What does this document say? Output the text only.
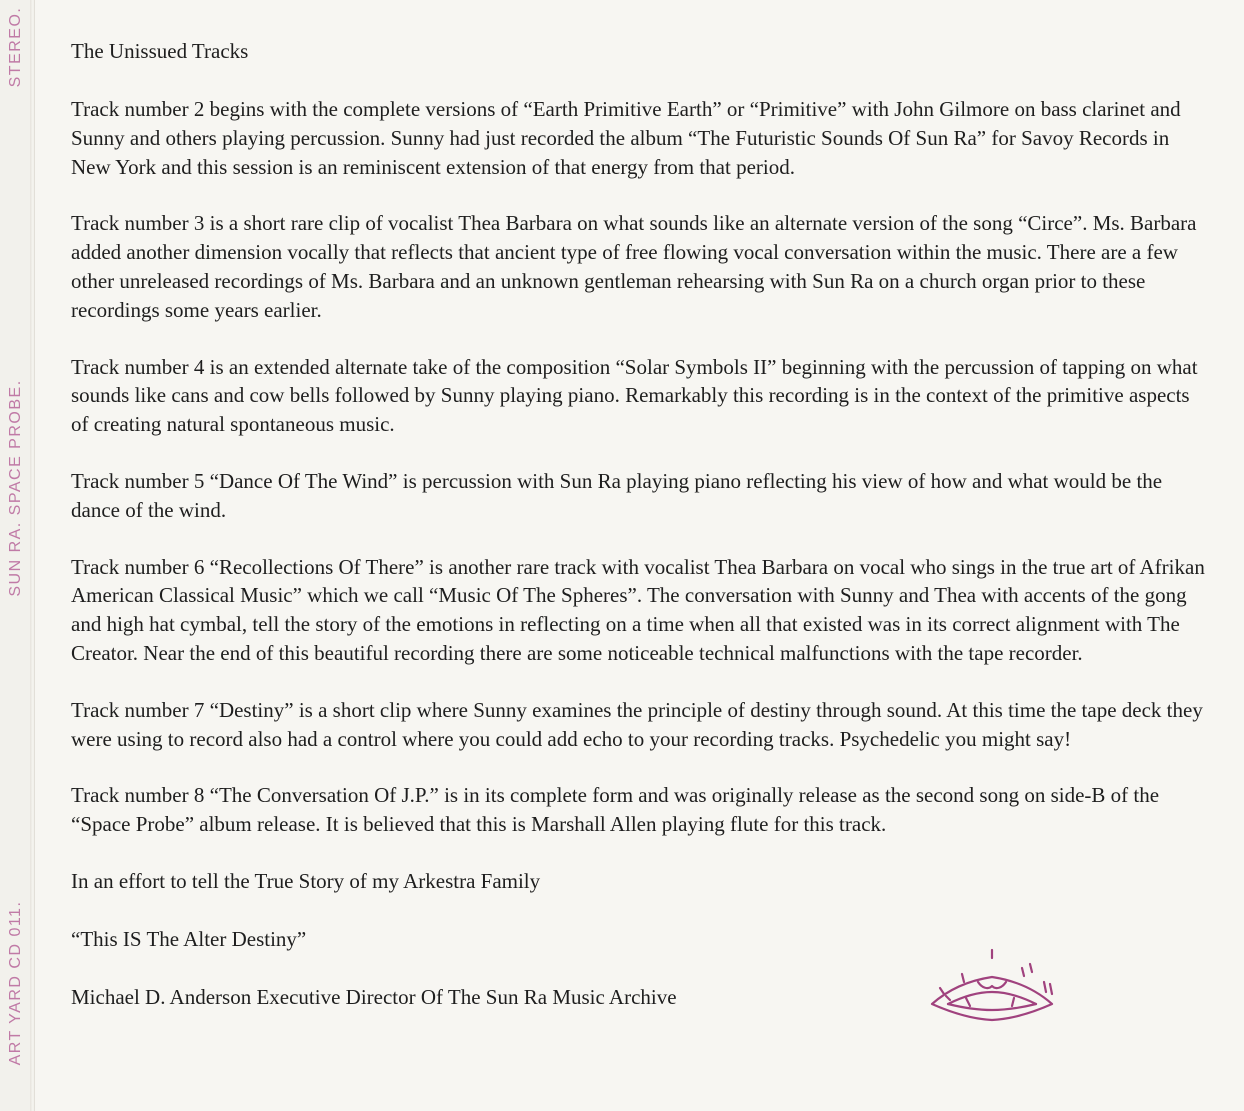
STEREO.
SUN RA. SPACE PROBE.
ART YARD CD 011.

The Unissued Tracks

Track number 2 begins with the complete versions of “Earth Primitive Earth” or “Primitive” with John Gilmore on bass clarinet and Sunny and others playing percussion. Sunny had just recorded the album “The Futuristic Sounds Of Sun Ra” for Savoy Records in New York and this session is an reminiscent extension of that energy from that period.

Track number 3 is a short rare clip of vocalist Thea Barbara on what sounds like an alternate version of the song “Circe”. Ms. Barbara added another dimension vocally that reflects that ancient type of free flowing vocal conversation within the music. There are a few other unreleased recordings of Ms. Barbara and an unknown gentleman rehearsing with Sun Ra on a church organ prior to these recordings some years earlier.

Track number 4 is an extended alternate take of the composition “Solar Symbols II” beginning with the percussion of tapping on what sounds like cans and cow bells followed by Sunny playing piano. Remarkably this recording is in the context of the primitive aspects of creating natural spontaneous music.

Track number 5 “Dance Of The Wind” is percussion with Sun Ra playing piano reflecting his view of how and what would be the dance of the wind.

Track number 6 “Recollections Of There” is another rare track with vocalist Thea Barbara on vocal who sings in the true art of Afrikan American Classical Music” which we call “Music Of The Spheres”. The conversation with Sunny and Thea with accents of the gong and high hat cymbal, tell the story of the emotions in reflecting on a time when all that existed was in its correct alignment with The Creator. Near the end of this beautiful recording there are some noticeable technical malfunctions with the tape recorder.

Track number 7 “Destiny” is a short clip where Sunny examines the principle of destiny through sound. At this time the tape deck they were using to record also had a control where you could add echo to your recording tracks. Psychedelic you might say!

Track number 8 “The Conversation Of J.P.” is in its complete form and was originally release as the second song on side-B of the “Space Probe” album release. It is believed that this is Marshall Allen playing flute for this track.

In an effort to tell the True Story of my Arkestra Family

“This IS The Alter Destiny”

Michael D. Anderson Executive Director Of The Sun Ra Music Archive
